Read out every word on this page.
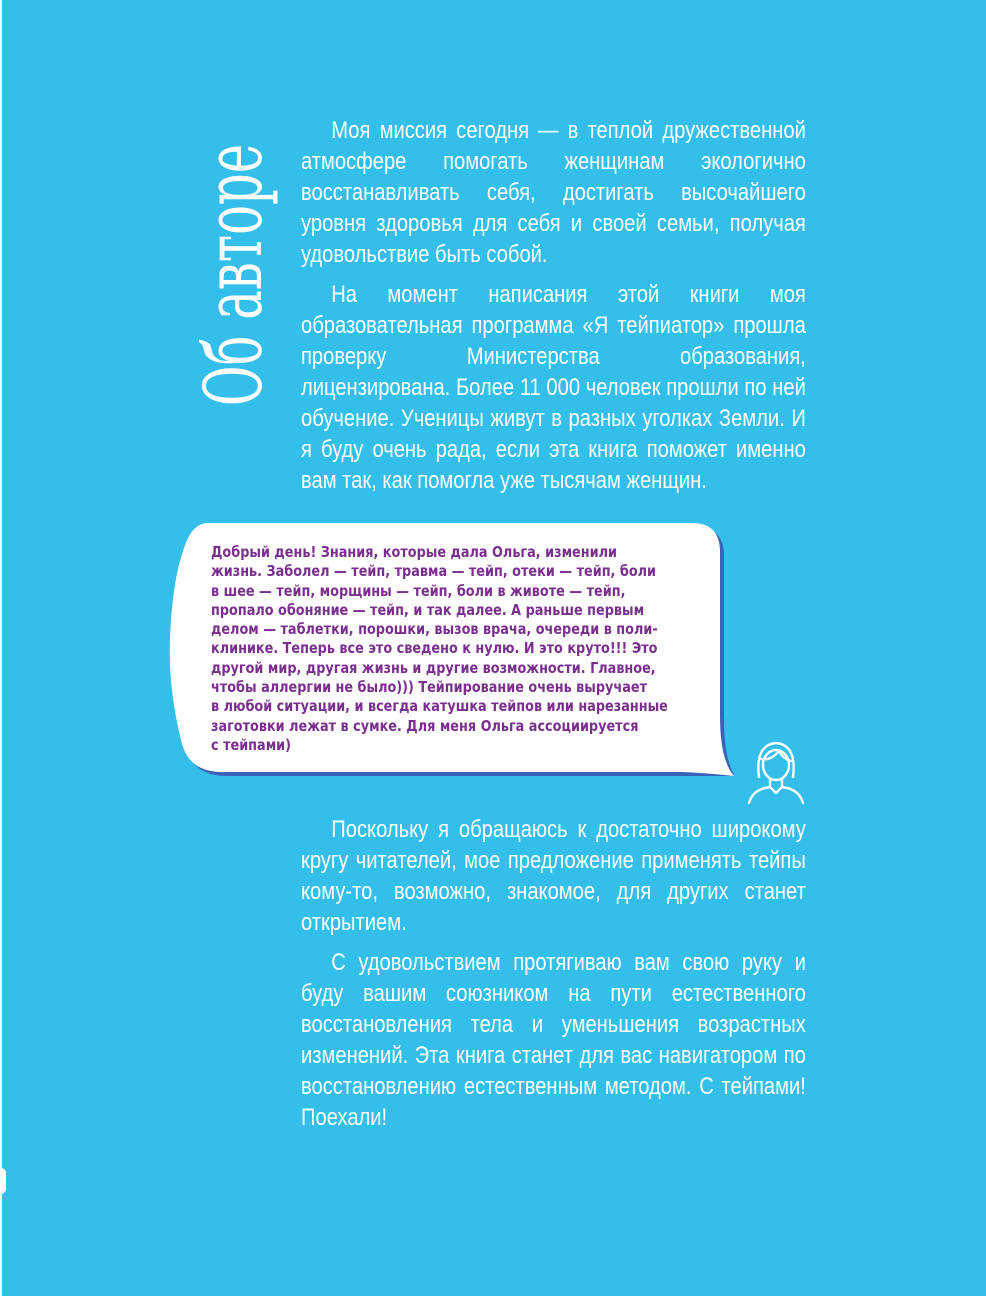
Об авторе

Моя миссия сегодня — в теплой дружественной атмосфере помогать женщинам экологично восстанавливать себя, достигать высочайшего уровня здоровья для себя и своей семьи, получая удовольствие быть собой.

На момент написания этой книги моя образовательная программа «Я тейпиатор» прошла проверку Министерства образования, лицензирована. Более 11 000 человек прошли по ней обучение. Ученицы живут в разных уголках Земли. И я буду очень рада, если эта книга поможет именно вам так, как помогла уже тысячам женщин.

Добрый день! Знания, которые дала Ольга, изменили
жизнь. Заболел — тейп, травма — тейп, отеки — тейп, боли
в шее — тейп, морщины — тейп, боли в животе — тейп,
пропало обоняние — тейп, и так далее. А раньше первым
делом — таблетки, порошки, вызов врача, очереди в поли-
клинике. Теперь все это сведено к нулю. И это круто!!! Это
другой мир, другая жизнь и другие возможности. Главное,
чтобы аллергии не было))) Тейпирование очень выручает
в любой ситуации, и всегда катушка тейпов или нарезанные
заготовки лежат в сумке. Для меня Ольга ассоциируется
с тейпами)

Поскольку я обращаюсь к достаточно широкому кругу читателей, мое предложение применять тейпы кому-то, возможно, знакомое, для других станет открытием.

С удовольствием протягиваю вам свою руку и буду вашим союзником на пути естественного восстановления тела и уменьшения возрастных изменений. Эта книга станет для вас навигатором по восстановлению естественным методом. С тейпами! Поехали!
